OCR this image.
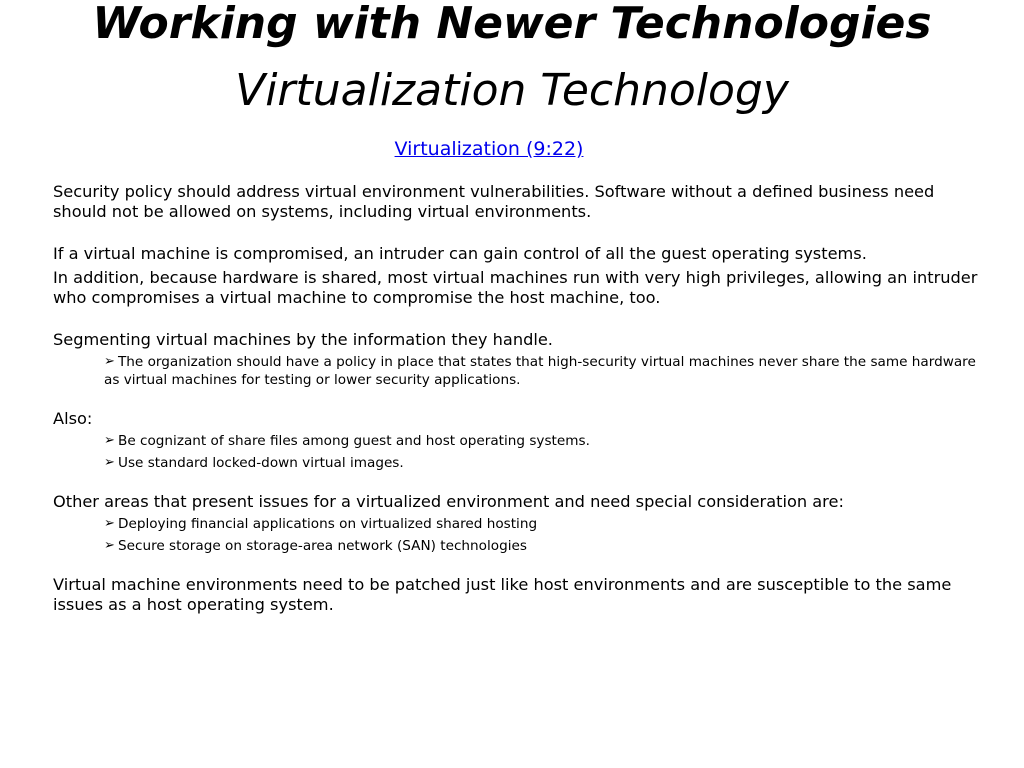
Working with Newer Technologies
Virtualization Technology
Virtualization (9:22)

Security policy should address virtual environment vulnerabilities. Software without a defined business need should not be allowed on systems, including virtual environments.

If a virtual machine is compromised, an intruder can gain control of all the guest operating systems.

In addition, because hardware is shared, most virtual machines run with very high privileges, allowing an intruder who compromises a virtual machine to compromise the host machine, too.

Segmenting virtual machines by the information they handle.

➢ The organization should have a policy in place that states that high-security virtual machines never share the same hardware as virtual machines for testing or lower security applications.

Also:

➢ Be cognizant of share files among guest and host operating systems.
➢ Use standard locked-down virtual images.

Other areas that present issues for a virtualized environment and need special consideration are:

➢ Deploying financial applications on virtualized shared hosting
➢ Secure storage on storage-area network (SAN) technologies

Virtual machine environments need to be patched just like host environments and are susceptible to the same issues as a host operating system.
